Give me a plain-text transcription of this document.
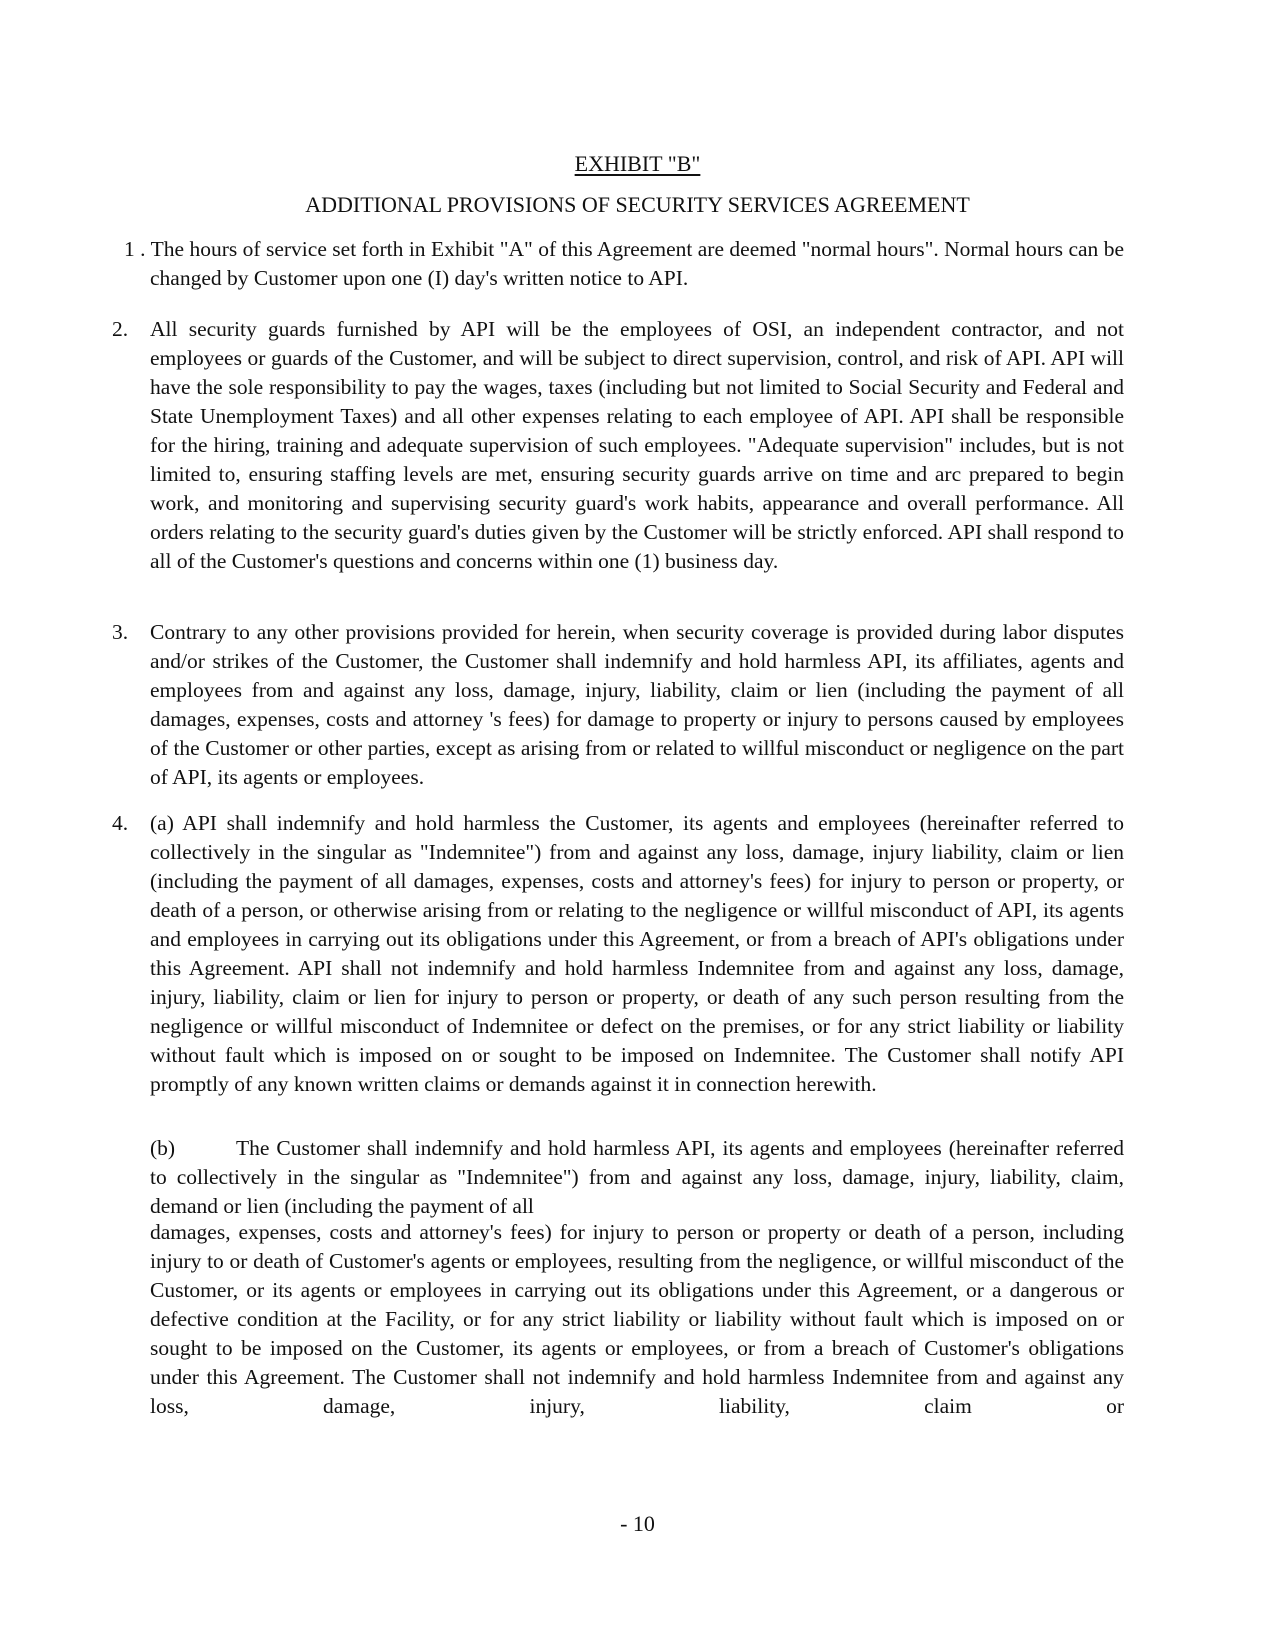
EXHIBIT "B"
ADDITIONAL PROVISIONS OF SECURITY SERVICES AGREEMENT
1 . The hours of service set forth in Exhibit "A" of this Agreement are deemed "normal hours". Normal hours can be changed by Customer upon one (I) day's written notice to API.
2. All security guards furnished by API will be the employees of OSI, an independent contractor, and not employees or guards of the Customer, and will be subject to direct supervision, control, and risk of API. API will have the sole responsibility to pay the wages, taxes (including but not limited to Social Security and Federal and State Unemployment Taxes) and all other expenses relating to each employee of API. API shall be responsible for the hiring, training and adequate supervision of such employees. "Adequate supervision" includes, but is not limited to, ensuring staffing levels are met, ensuring security guards arrive on time and arc prepared to begin work, and monitoring and supervising security guard's work habits, appearance and overall performance. All orders relating to the security guard's duties given by the Customer will be strictly enforced. API shall respond to all of the Customer's questions and concerns within one (1) business day.
3. Contrary to any other provisions provided for herein, when security coverage is provided during labor disputes and/or strikes of the Customer, the Customer shall indemnify and hold harmless API, its affiliates, agents and employees from and against any loss, damage, injury, liability, claim or lien (including the payment of all damages, expenses, costs and attorney 's fees) for damage to property or injury to persons caused by employees of the Customer or other parties, except as arising from or related to willful misconduct or negligence on the part of API, its agents or employees.
4. (a) API shall indemnify and hold harmless the Customer, its agents and employees (hereinafter referred to collectively in the singular as "Indemnitee") from and against any loss, damage, injury liability, claim or lien (including the payment of all damages, expenses, costs and attorney's fees) for injury to person or property, or death of a person, or otherwise arising from or relating to the negligence or willful misconduct of API, its agents and employees in carrying out its obligations under this Agreement, or from a breach of API's obligations under this Agreement. API shall not indemnify and hold harmless Indemnitee from and against any loss, damage, injury, liability, claim or lien for injury to person or property, or death of any such person resulting from the negligence or willful misconduct of Indemnitee or defect on the premises, or for any strict liability or liability without fault which is imposed on or sought to be imposed on Indemnitee. The Customer shall notify API promptly of any known written claims or demands against it in connection herewith.
(b)	The Customer shall indemnify and hold harmless API, its agents and employees (hereinafter referred to collectively in the singular as "Indemnitee") from and against any loss, damage, injury, liability, claim, demand or lien (including the payment of all
damages, expenses, costs and attorney's fees) for injury to person or property or death of a person, including injury to or death of Customer's agents or employees, resulting from the negligence, or willful misconduct of the Customer, or its agents or employees in carrying out its obligations under this Agreement, or a dangerous or defective condition at the Facility, or for any strict liability or liability without fault which is imposed on or sought to be imposed on the Customer, its agents or employees, or from a breach of Customer's obligations under this Agreement. The Customer shall not indemnify and hold harmless Indemnitee from and against any loss, damage, injury, liability, claim or
- 10
